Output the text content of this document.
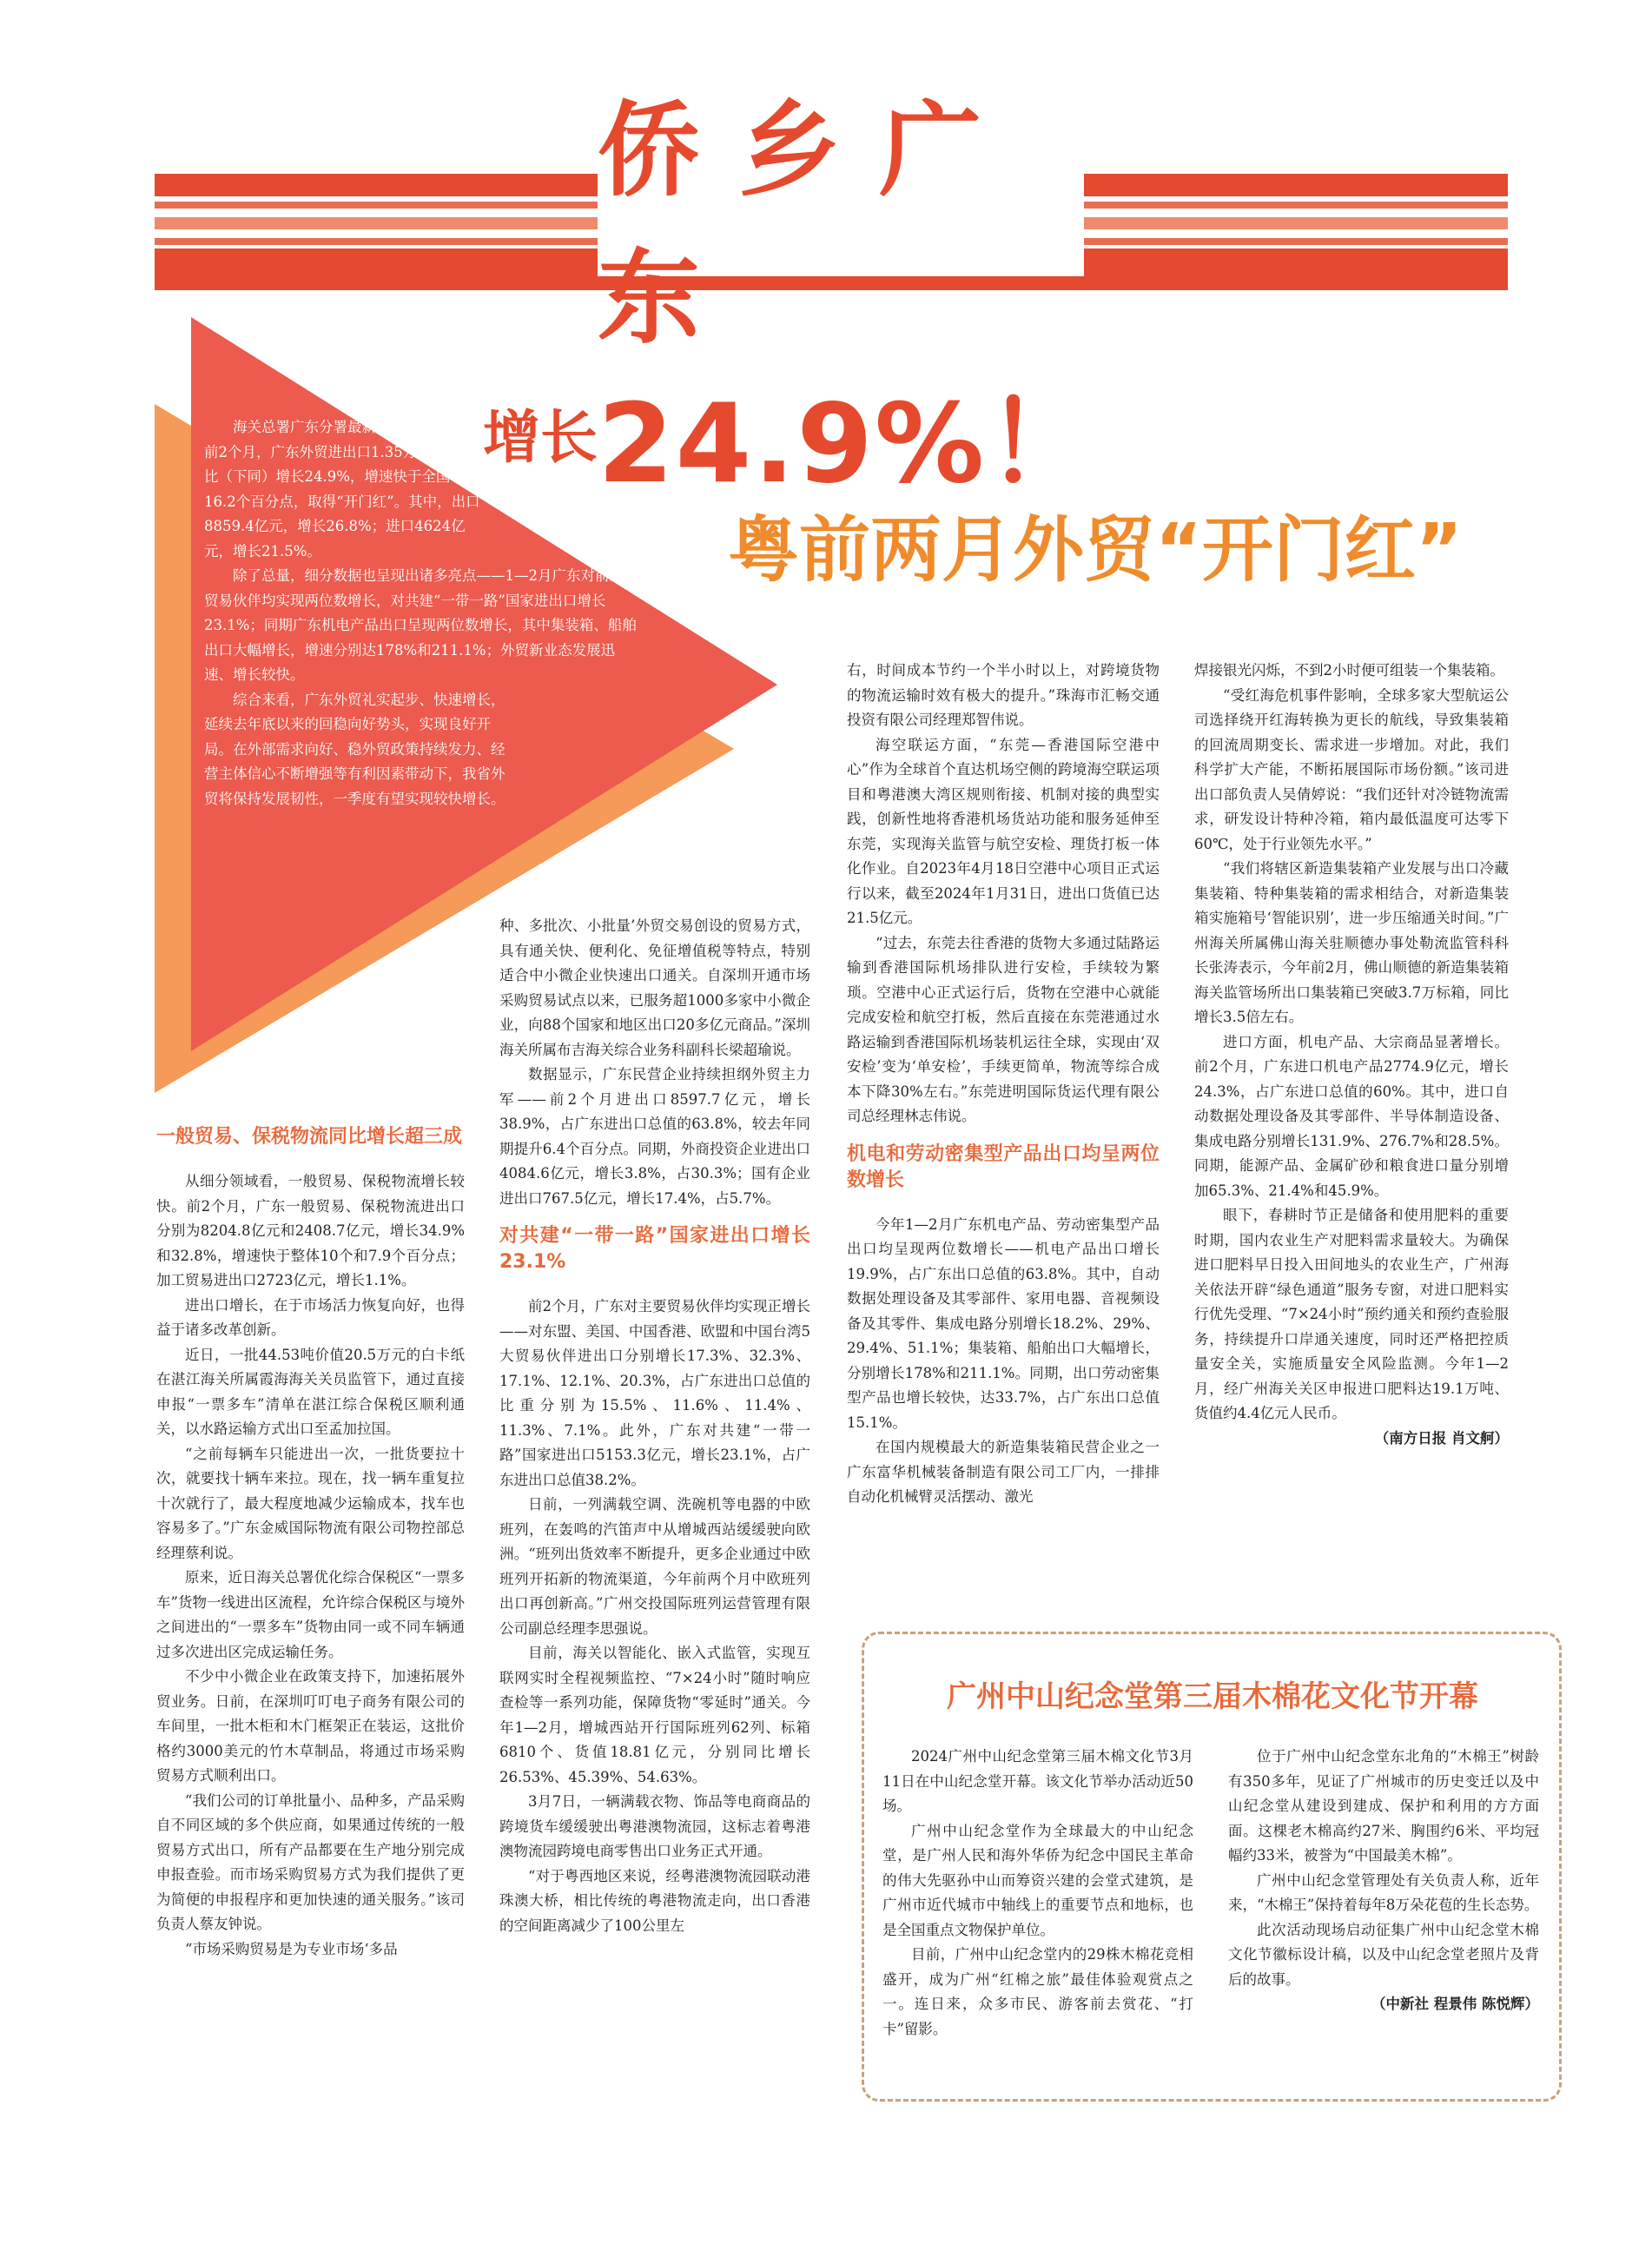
侨乡广东
增长24.9%！
粤前两月外贸“开门红”

海关总署广东分署最新数据显示，今年前2个月，广东外贸进出口1.35万亿元，同比（下同）增长24.9%，增速快于全国16.2个百分点，取得“开门红”。其中，出口8859.4亿元，增长26.8%；进口4624亿元，增长21.5%。

除了总量，细分数据也呈现出诸多亮点——1—2月广东对前五大贸易伙伴均实现两位数增长，对共建“一带一路”国家进出口增长23.1%；同期广东机电产品出口呈现两位数增长，其中集装箱、船舶出口大幅增长，增速分别达178%和211.1%；外贸新业态发展迅速、增长较快。

综合来看，广东外贸礼实起步、快速增长，延续去年底以来的回稳向好势头，实现良好开局。在外部需求向好、稳外贸政策持续发力、经营主体信心不断增强等有利因素带动下，我省外贸将保持发展韧性，一季度有望实现较快增长。

一般贸易、保税物流同比增长超三成

从细分领域看，一般贸易、保税物流增长较快。前2个月，广东一般贸易、保税物流进出口分别为8204.8亿元和2408.7亿元，增长34.9%和32.8%，增速快于整体10个和7.9个百分点；加工贸易进出口2723亿元，增长1.1%。

进出口增长，在于市场活力恢复向好，也得益于诸多改革创新。

近日，一批44.53吨价值20.5万元的白卡纸在湛江海关所属霞海海关关员监管下，通过直接申报“一票多车”清单在湛江综合保税区顺利通关，以水路运输方式出口至孟加拉国。

“之前每辆车只能进出一次，一批货要拉十次，就要找十辆车来拉。现在，找一辆车重复拉十次就行了，最大程度地减少运输成本，找车也容易多了。”广东金威国际物流有限公司物控部总经理蔡利说。

原来，近日海关总署优化综合保税区“一票多车”货物一线进出区流程，允许综合保税区与境外之间进出的“一票多车”货物由同一或不同车辆通过多次进出区完成运输任务。

不少中小微企业在政策支持下，加速拓展外贸业务。日前，在深圳叮叮电子商务有限公司的车间里，一批木柜和木门框架正在装运，这批价格约3000美元的竹木草制品，将通过市场采购贸易方式顺利出口。

“我们公司的订单批量小、品种多，产品采购自不同区域的多个供应商，如果通过传统的一般贸易方式出口，所有产品都要在生产地分别完成申报查验。而市场采购贸易方式为我们提供了更为简便的申报程序和更加快速的通关服务。”该司负责人蔡友钟说。

“市场采购贸易是为专业市场‘多品

种、多批次、小批量’外贸交易创设的贸易方式，具有通关快、便利化、免征增值税等特点，特别适合中小微企业快速出口通关。自深圳开通市场采购贸易试点以来，已服务超1000多家中小微企业，向88个国家和地区出口20多亿元商品。”深圳海关所属布吉海关综合业务科副科长梁超瑜说。

数据显示，广东民营企业持续担纲外贸主力军——前2个月进出口8597.7亿元，增长38.9%，占广东进出口总值的63.8%，较去年同期提升6.4个百分点。同期，外商投资企业进出口4084.6亿元，增长3.8%，占30.3%；国有企业进出口767.5亿元，增长17.4%，占5.7%。

对共建“一带一路”国家进出口增长23.1%

前2个月，广东对主要贸易伙伴均实现正增长——对东盟、美国、中国香港、欧盟和中国台湾5大贸易伙伴进出口分别增长17.3%、32.3%、17.1%、12.1%、20.3%，占广东进出口总值的比重分别为15.5%、11.6%、11.4%、11.3%、7.1%。此外，广东对共建“一带一路”国家进出口5153.3亿元，增长23.1%，占广东进出口总值38.2%。

日前，一列满载空调、洗碗机等电器的中欧班列，在轰鸣的汽笛声中从增城西站缓缓驶向欧洲。“班列出货效率不断提升，更多企业通过中欧班列开拓新的物流渠道，今年前两个月中欧班列出口再创新高。”广州交投国际班列运营管理有限公司副总经理李思强说。

目前，海关以智能化、嵌入式监管，实现互联网实时全程视频监控、“7×24小时”随时响应查检等一系列功能，保障货物“零延时”通关。今年1—2月，增城西站开行国际班列62列、标箱6810个、货值18.81亿元，分别同比增长26.53%、45.39%、54.63%。

3月7日，一辆满载衣物、饰品等电商商品的跨境货车缓缓驶出粤港澳物流园，这标志着粤港澳物流园跨境电商零售出口业务正式开通。

“对于粤西地区来说，经粤港澳物流园联动港珠澳大桥，相比传统的粤港物流走向，出口香港的空间距离减少了100公里左

右，时间成本节约一个半小时以上，对跨境货物的物流运输时效有极大的提升。”珠海市汇畅交通投资有限公司经理郑智伟说。

海空联运方面，“东莞—香港国际空港中心”作为全球首个直达机场空侧的跨境海空联运项目和粤港澳大湾区规则衔接、机制对接的典型实践，创新性地将香港机场货站功能和服务延伸至东莞，实现海关监管与航空安检、理货打板一体化作业。自2023年4月18日空港中心项目正式运行以来，截至2024年1月31日，进出口货值已达21.5亿元。

“过去，东莞去往香港的货物大多通过陆路运输到香港国际机场排队进行安检，手续较为繁琐。空港中心正式运行后，货物在空港中心就能完成安检和航空打板，然后直接在东莞港通过水路运输到香港国际机场装机运往全球，实现由‘双安检’变为‘单安检’，手续更简单，物流等综合成本下降30%左右。”东莞进明国际货运代理有限公司总经理林志伟说。

机电和劳动密集型产品出口均呈两位数增长

今年1—2月广东机电产品、劳动密集型产品出口均呈现两位数增长——机电产品出口增长19.9%，占广东出口总值的63.8%。其中，自动数据处理设备及其零部件、家用电器、音视频设备及其零件、集成电路分别增长18.2%、29%、29.4%、51.1%；集装箱、船舶出口大幅增长，分别增长178%和211.1%。同期，出口劳动密集型产品也增长较快，达33.7%，占广东出口总值15.1%。

在国内规模最大的新造集装箱民营企业之一广东富华机械装备制造有限公司工厂内，一排排自动化机械臂灵活摆动、激光

焊接银光闪烁，不到2小时便可组装一个集装箱。

“受红海危机事件影响，全球多家大型航运公司选择绕开红海转换为更长的航线，导致集装箱的回流周期变长、需求进一步增加。对此，我们科学扩大产能，不断拓展国际市场份额。”该司进出口部负责人吴倩婷说：“我们还针对冷链物流需求，研发设计特种冷箱，箱内最低温度可达零下60℃，处于行业领先水平。”

“我们将辖区新造集装箱产业发展与出口冷藏集装箱、特种集装箱的需求相结合，对新造集装箱实施箱号‘智能识别’，进一步压缩通关时间。”广州海关所属佛山海关驻顺德办事处勒流监管科科长张涛表示，今年前2月，佛山顺德的新造集装箱海关监管场所出口集装箱已突破3.7万标箱，同比增长3.5倍左右。

进口方面，机电产品、大宗商品显著增长。前2个月，广东进口机电产品2774.9亿元，增长24.3%，占广东进口总值的60%。其中，进口自动数据处理设备及其零部件、半导体制造设备、集成电路分别增长131.9%、276.7%和28.5%。同期，能源产品、金属矿砂和粮食进口量分别增加65.3%、21.4%和45.9%。

眼下，春耕时节正是储备和使用肥料的重要时期，国内农业生产对肥料需求量较大。为确保进口肥料早日投入田间地头的农业生产，广州海关依法开辟“绿色通道”服务专窗，对进口肥料实行优先受理、“7×24小时”预约通关和预约查验服务，持续提升口岸通关速度，同时还严格把控质量安全关，实施质量安全风险监测。今年1—2月，经广州海关关区申报进口肥料达19.1万吨、货值约4.4亿元人民币。

（南方日报 肖文舸）

广州中山纪念堂第三届木棉花文化节开幕

2024广州中山纪念堂第三届木棉文化节3月11日在中山纪念堂开幕。该文化节举办活动近50场。

广州中山纪念堂作为全球最大的中山纪念堂，是广州人民和海外华侨为纪念中国民主革命的伟大先驱孙中山而筹资兴建的会堂式建筑，是广州市近代城市中轴线上的重要节点和地标，也是全国重点文物保护单位。

目前，广州中山纪念堂内的29株木棉花竞相盛开，成为广州“红棉之旅”最佳体验观赏点之一。连日来，众多市民、游客前去赏花、“打卡”留影。

位于广州中山纪念堂东北角的“木棉王”树龄有350多年，见证了广州城市的历史变迁以及中山纪念堂从建设到建成、保护和利用的方方面面。这棵老木棉高约27米、胸围约6米、平均冠幅约33米，被誉为“中国最美木棉”。

广州中山纪念堂管理处有关负责人称，近年来，“木棉王”保持着每年8万朵花苞的生长态势。

此次活动现场启动征集广州中山纪念堂木棉文化节徽标设计稿，以及中山纪念堂老照片及背后的故事。

（中新社 程景伟 陈悦辉）
